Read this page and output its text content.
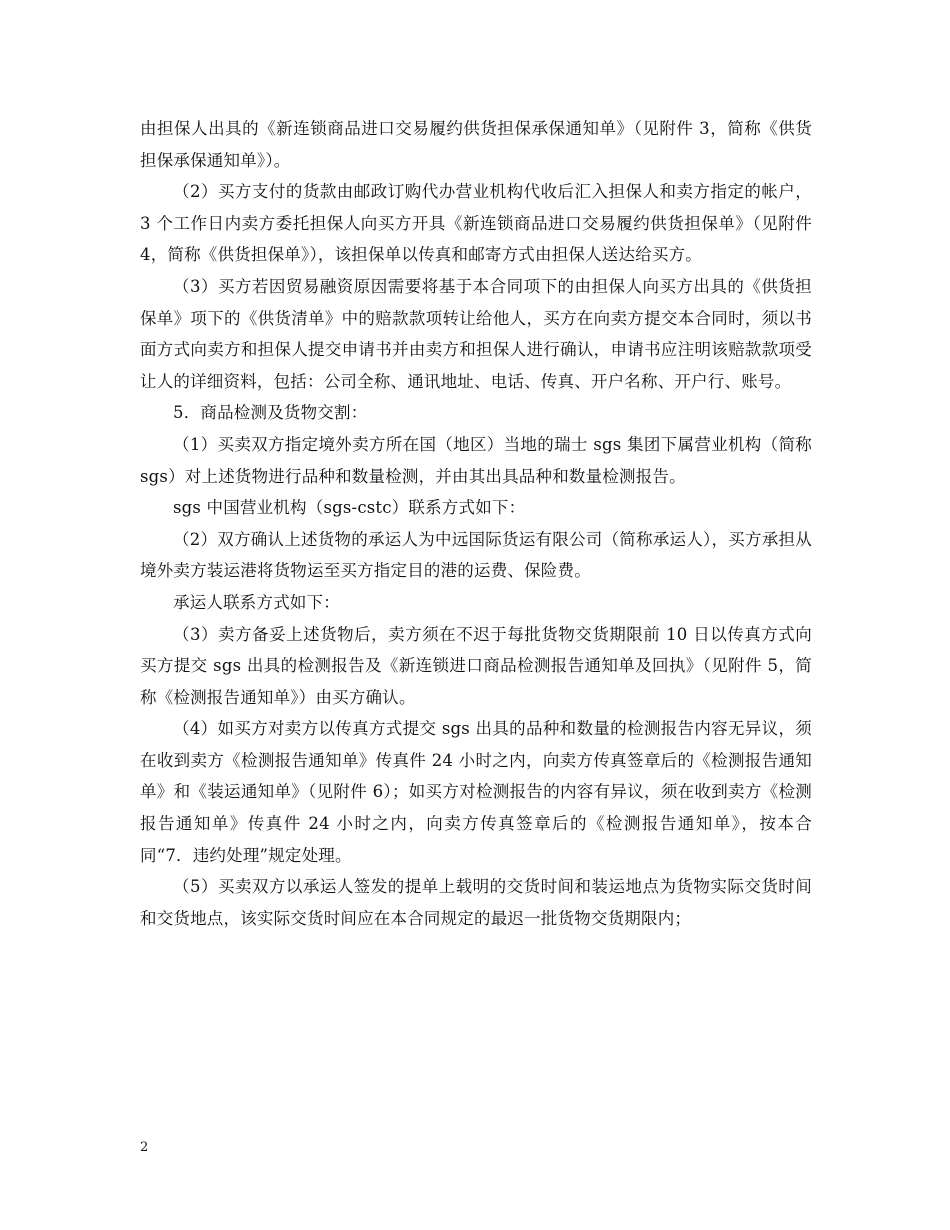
由担保人出具的《新连锁商品进口交易履约供货担保承保通知单》（见附件 3，简称《供货担保承保通知单》）。

（2）买方支付的货款由邮政订购代办营业机构代收后汇入担保人和卖方指定的帐户，3 个工作日内卖方委托担保人向买方开具《新连锁商品进口交易履约供货担保单》（见附件 4，简称《供货担保单》），该担保单以传真和邮寄方式由担保人送达给买方。

（3）买方若因贸易融资原因需要将基于本合同项下的由担保人向买方出具的《供货担保单》项下的《供货清单》中的赔款款项转让给他人，买方在向卖方提交本合同时，须以书面方式向卖方和担保人提交申请书并由卖方和担保人进行确认，申请书应注明该赔款款项受让人的详细资料，包括：公司全称、通讯地址、电话、传真、开户名称、开户行、账号。

5．商品检测及货物交割：

（1）买卖双方指定境外卖方所在国（地区）当地的瑞士 sgs 集团下属营业机构（简称 sgs）对上述货物进行品种和数量检测，并由其出具品种和数量检测报告。

sgs 中国营业机构（sgs-cstc）联系方式如下：

（2）双方确认上述货物的承运人为中远国际货运有限公司（简称承运人），买方承担从境外卖方装运港将货物运至买方指定目的港的运费、保险费。

承运人联系方式如下：

（3）卖方备妥上述货物后，卖方须在不迟于每批货物交货期限前 10 日以传真方式向买方提交 sgs 出具的检测报告及《新连锁进口商品检测报告通知单及回执》（见附件 5，简称《检测报告通知单》）由买方确认。

（4）如买方对卖方以传真方式提交 sgs 出具的品种和数量的检测报告内容无异议，须在收到卖方《检测报告通知单》传真件 24 小时之内，向卖方传真签章后的《检测报告通知单》和《装运通知单》（见附件 6）；如买方对检测报告的内容有异议，须在收到卖方《检测报告通知单》传真件 24 小时之内，向卖方传真签章后的《检测报告通知单》，按本合同“7．违约处理”规定处理。

（5）买卖双方以承运人签发的提单上载明的交货时间和装运地点为货物实际交货时间和交货地点，该实际交货时间应在本合同规定的最迟一批货物交货期限内；

2
